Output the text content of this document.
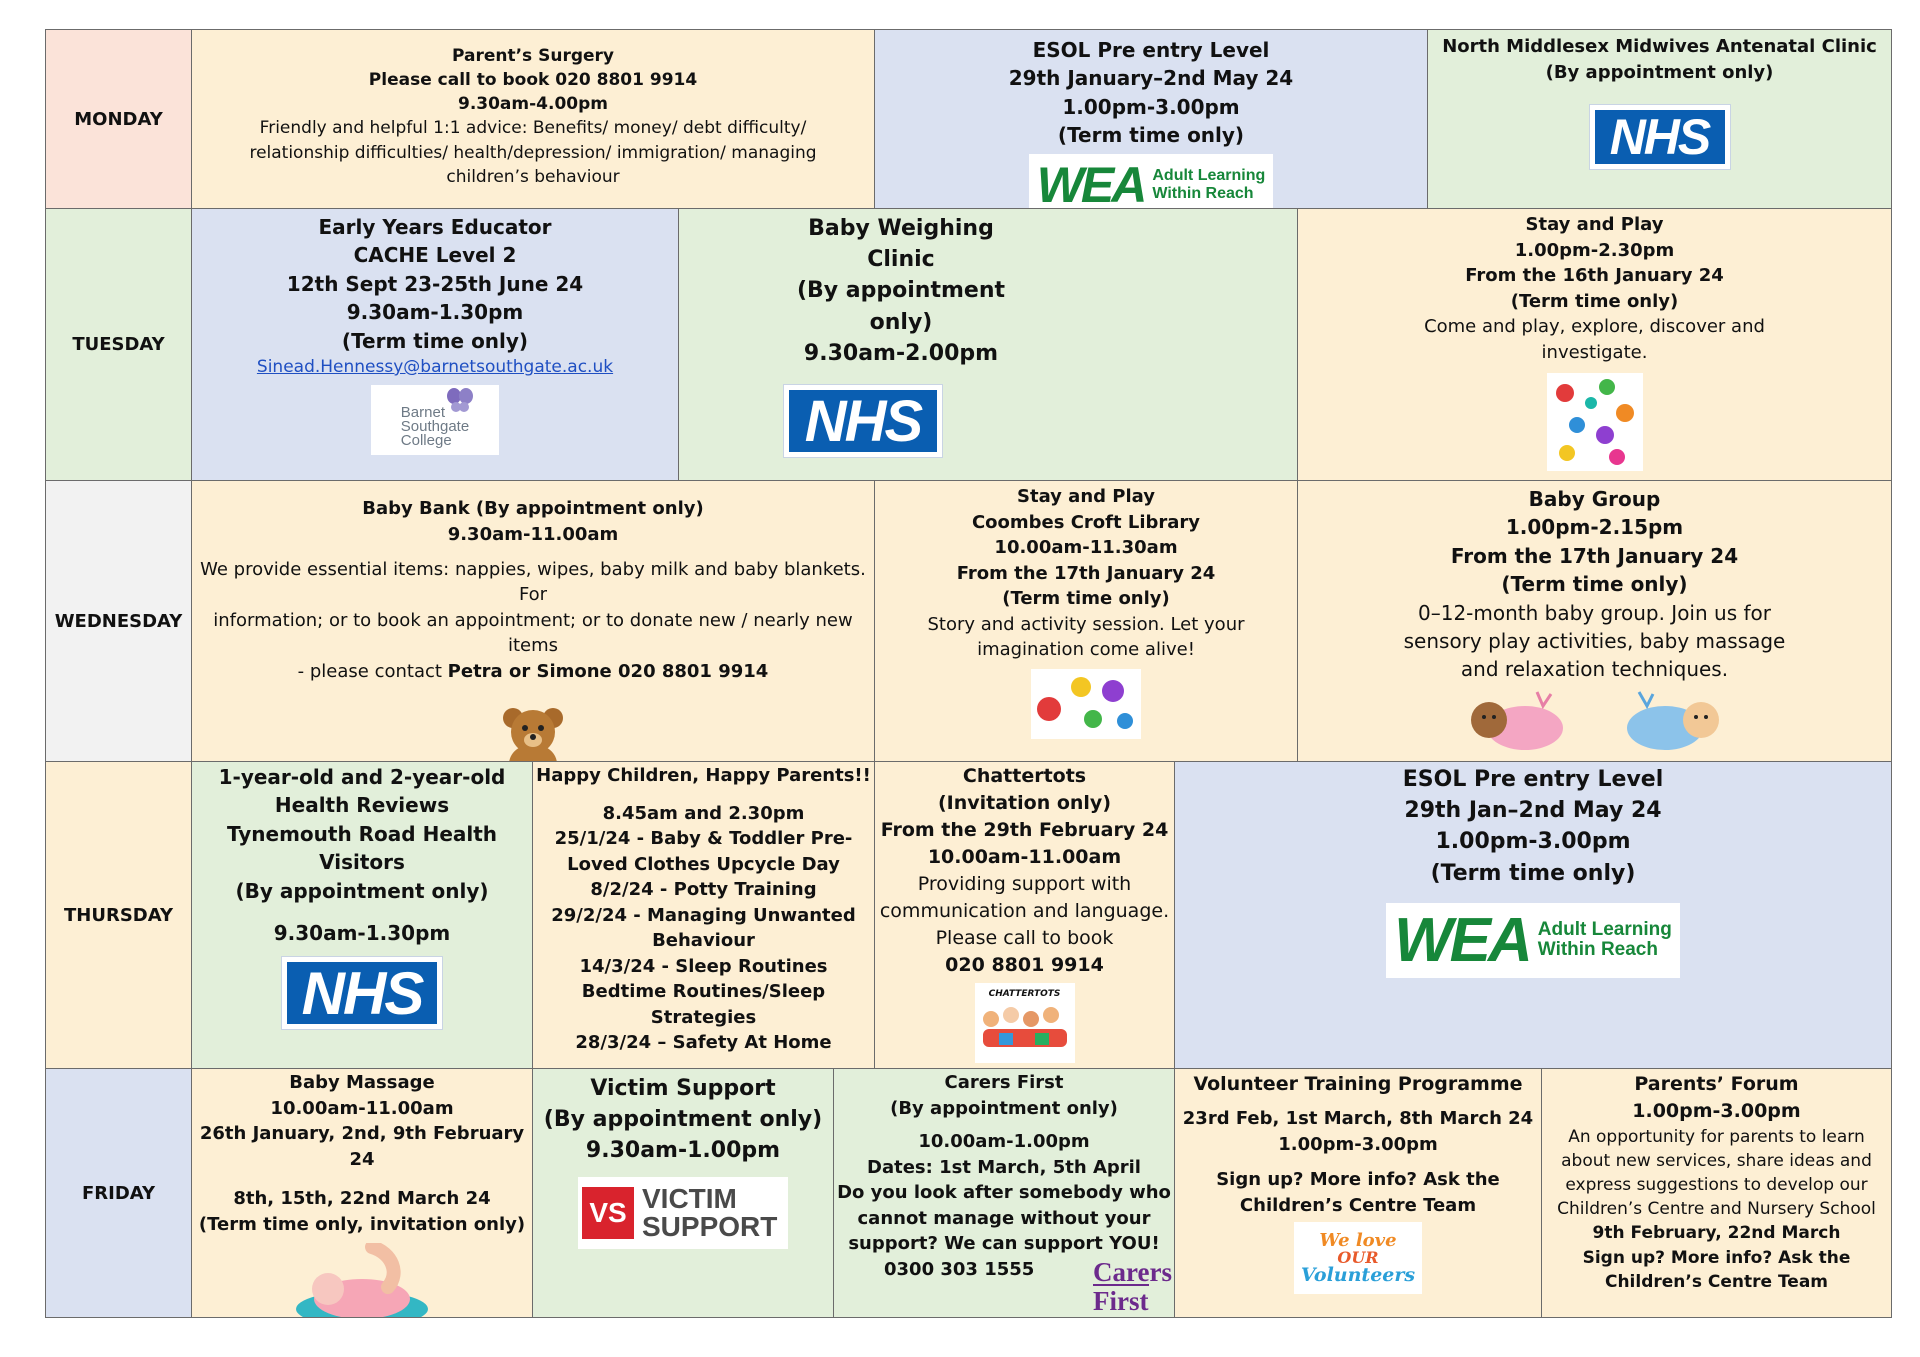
MONDAY
TUESDAY
WEDNESDAY
THURSDAY
FRIDAY

Parent’s Surgery

Please call to book 020 8801 9914

9.30am-4.00pm

Friendly and helpful 1:1 advice: Benefits/ money/ debt difficulty/

relationship difficulties/ health/depression/ immigration/ managing

children’s behaviour

ESOL Pre entry Level

29th January–2nd May 24

1.00pm-3.00pm

(Term time only)

WEA Adult Learning
Within Reach

North Middlesex Midwives Antenatal Clinic

(By appointment only)

NHS

Early Years Educator

CACHE Level 2

12th Sept 23-25th June 24

9.30am-1.30pm

(Term time only)

Sinead.Hennessy@barnetsouthgate.ac.uk
Barnet
Southgate
College

Baby Weighing Clinic

(By appointment only)

9.30am-2.00pm

NHS

Stay and Play

1.00pm-2.30pm

From the 16th January 24

(Term time only)

Come and play, explore, discover and

investigate.

Baby Bank (By appointment only)

9.30am-11.00am

We provide essential items: nappies, wipes, baby milk and baby blankets. For

information; or to book an appointment; or to donate new / nearly new items

- please contact Petra or Simone 020 8801 9914

Stay and Play

Coombes Croft Library

10.00am-11.30am

From the 17th January 24

(Term time only)

Story and activity session. Let your

imagination come alive!

Baby Group

1.00pm-2.15pm

From the 17th January 24

(Term time only)

0–12-month baby group. Join us for

sensory play activities, baby massage

and relaxation techniques.

1-year-old and 2-year-old

Health Reviews

Tynemouth Road Health

Visitors

(By appointment only)

9.30am-1.30pm

NHS

Happy Children, Happy Parents!!

8.45am and 2.30pm

25/1/24 - Baby & Toddler Pre-

Loved Clothes Upcycle Day

8/2/24 - Potty Training

29/2/24 - Managing Unwanted

Behaviour

14/3/24 - Sleep Routines

Bedtime Routines/Sleep Strategies

28/3/24 – Safety At Home

Chattertots

(Invitation only)

From the 29th February 24

10.00am-11.00am

Providing support with

communication and language.

Please call to book

020 8801 9914

CHATTERTOTS

ESOL Pre entry Level

29th Jan–2nd May 24

1.00pm-3.00pm

(Term time only)

WEA Adult Learning
Within Reach

Baby Massage

10.00am-11.00am

26th January, 2nd, 9th February 24

8th, 15th, 22nd March 24

(Term time only, invitation only)

Victim Support

(By appointment only)

9.30am-1.00pm

VS VICTIM
SUPPORT

Carers First

(By appointment only)

10.00am-1.00pm

Dates: 1st March, 5th April

Do you look after somebody who

cannot manage without your

support? We can support YOU!

0300 303 1555 Carers
First

Volunteer Training Programme

23rd Feb, 1st March, 8th March 24

1.00pm-3.00pm

Sign up? More info? Ask the

Children’s Centre Team

We love
OUR
Volunteers

Parents’ Forum

1.00pm-3.00pm

An opportunity for parents to learn

about new services, share ideas and

express suggestions to develop our

Children’s Centre and Nursery School

9th February, 22nd March

Sign up? More info? Ask the

Children’s Centre Team
